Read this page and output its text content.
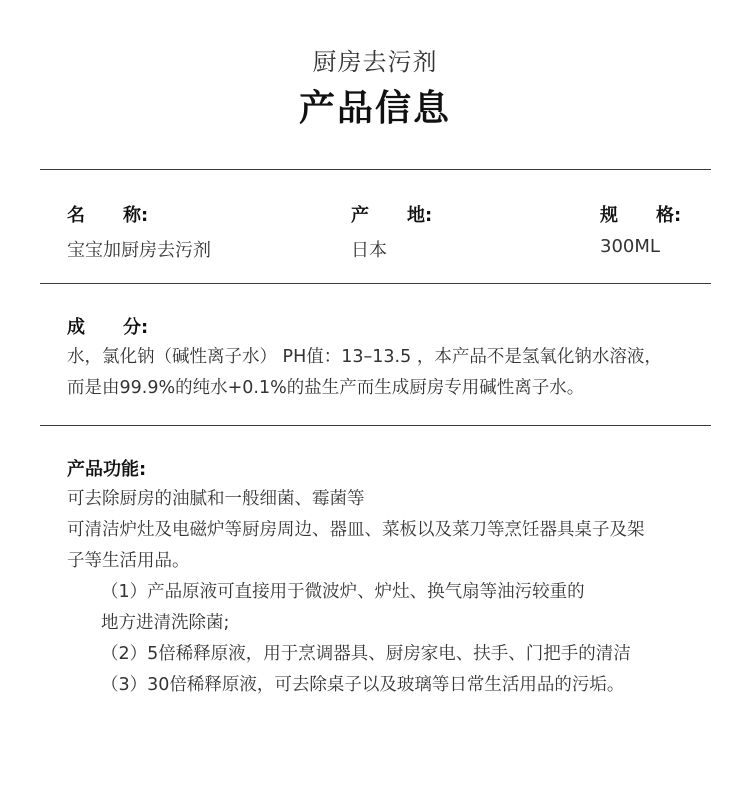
厨房去污剂
产品信息
名 称:
宝宝加厨房去污剂
产 地:
日本
规 格:
300ML
成 分:
水，氯化钠（碱性离子水） PH值：13–13.5 ，本产品不是氢氧化钠水溶液，
而是由99.9%的纯水+0.1%的盐生产而生成厨房专用碱性离子水。
产品功能:
可去除厨房的油腻和一般细菌、霉菌等
可清洁炉灶及电磁炉等厨房周边、器皿、菜板以及菜刀等烹饪器具桌子及架
子等生活用品。
（1）产品原液可直接用于微波炉、炉灶、换气扇等油污较重的
地方进清洗除菌;
（2）5倍稀释原液，用于烹调器具、厨房家电、扶手、门把手的清洁
（3）30倍稀释原液，可去除桌子以及玻璃等日常生活用品的污垢。
